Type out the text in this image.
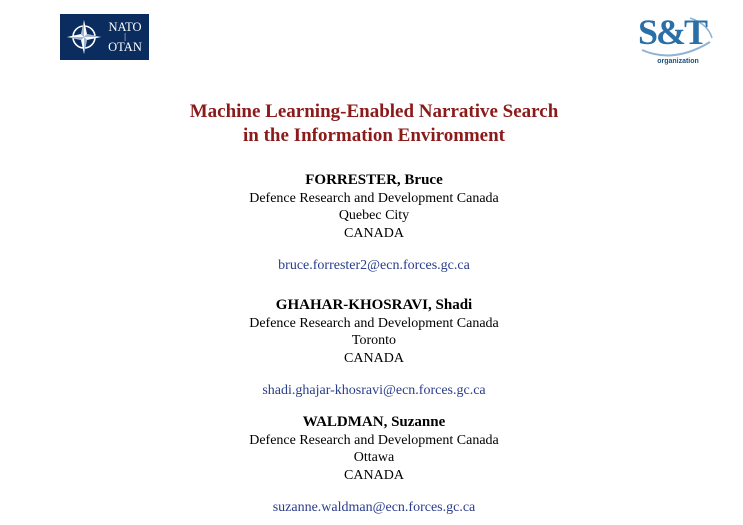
NATO
|
OTAN	S&T
organization
Machine Learning-Enabled Narrative Search
in the Information Environment
FORRESTER, Bruce
Defence Research and Development Canada
Quebec City
CANADA
bruce.forrester2@ecn.forces.gc.ca
GHAHAR-KHOSRAVI, Shadi
Defence Research and Development Canada
Toronto
CANADA
shadi.ghajar-khosravi@ecn.forces.gc.ca
WALDMAN, Suzanne
Defence Research and Development Canada
Ottawa
CANADA
suzanne.waldman@ecn.forces.gc.ca
